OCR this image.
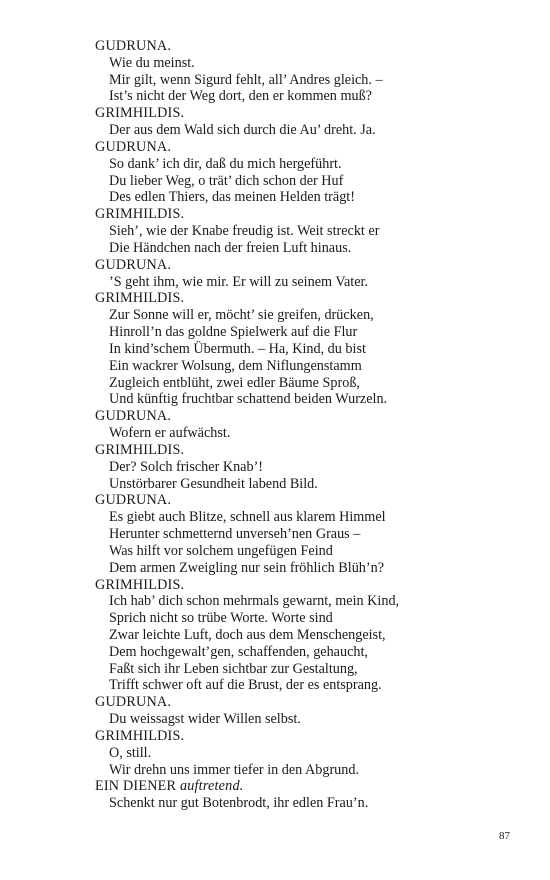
GUDRUNA.
Wie du meinst.
Mir gilt, wenn Sigurd fehlt, all’ Andres gleich. –
Ist’s nicht der Weg dort, den er kommen muß?
GRIMHILDIS.
Der aus dem Wald sich durch die Au’ dreht. Ja.
GUDRUNA.
So dank’ ich dir, daß du mich hergeführt.
Du lieber Weg, o trät’ dich schon der Huf
Des edlen Thiers, das meinen Helden trägt!
GRIMHILDIS.
Sieh’, wie der Knabe freudig ist. Weit streckt er
Die Händchen nach der freien Luft hinaus.
GUDRUNA.
’S geht ihm, wie mir. Er will zu seinem Vater.
GRIMHILDIS.
Zur Sonne will er, möcht’ sie greifen, drücken,
Hinroll’n das goldne Spielwerk auf die Flur
In kind’schem Übermuth. – Ha, Kind, du bist
Ein wackrer Wolsung, dem Niflungenstamm
Zugleich entblüht, zwei edler Bäume Sproß,
Und künftig fruchtbar schattend beiden Wurzeln.
GUDRUNA.
Wofern er aufwächst.
GRIMHILDIS.
Der? Solch frischer Knab’!
Unstörbarer Gesundheit labend Bild.
GUDRUNA.
Es giebt auch Blitze, schnell aus klarem Himmel
Herunter schmetternd unverseh’nen Graus –
Was hilft vor solchem ungefügen Feind
Dem armen Zweigling nur sein fröhlich Blüh’n?
GRIMHILDIS.
Ich hab’ dich schon mehrmals gewarnt, mein Kind,
Sprich nicht so trübe Worte. Worte sind
Zwar leichte Luft, doch aus dem Menschengeist,
Dem hochgewalt’gen, schaffenden, gehaucht,
Faßt sich ihr Leben sichtbar zur Gestaltung,
Trifft schwer oft auf die Brust, der es entsprang.
GUDRUNA.
Du weissagst wider Willen selbst.
GRIMHILDIS.
O, still.
Wir drehn uns immer tiefer in den Abgrund.
EIN DIENER auftretend.
Schenkt nur gut Botenbrodt, ihr edlen Frau’n.
87
